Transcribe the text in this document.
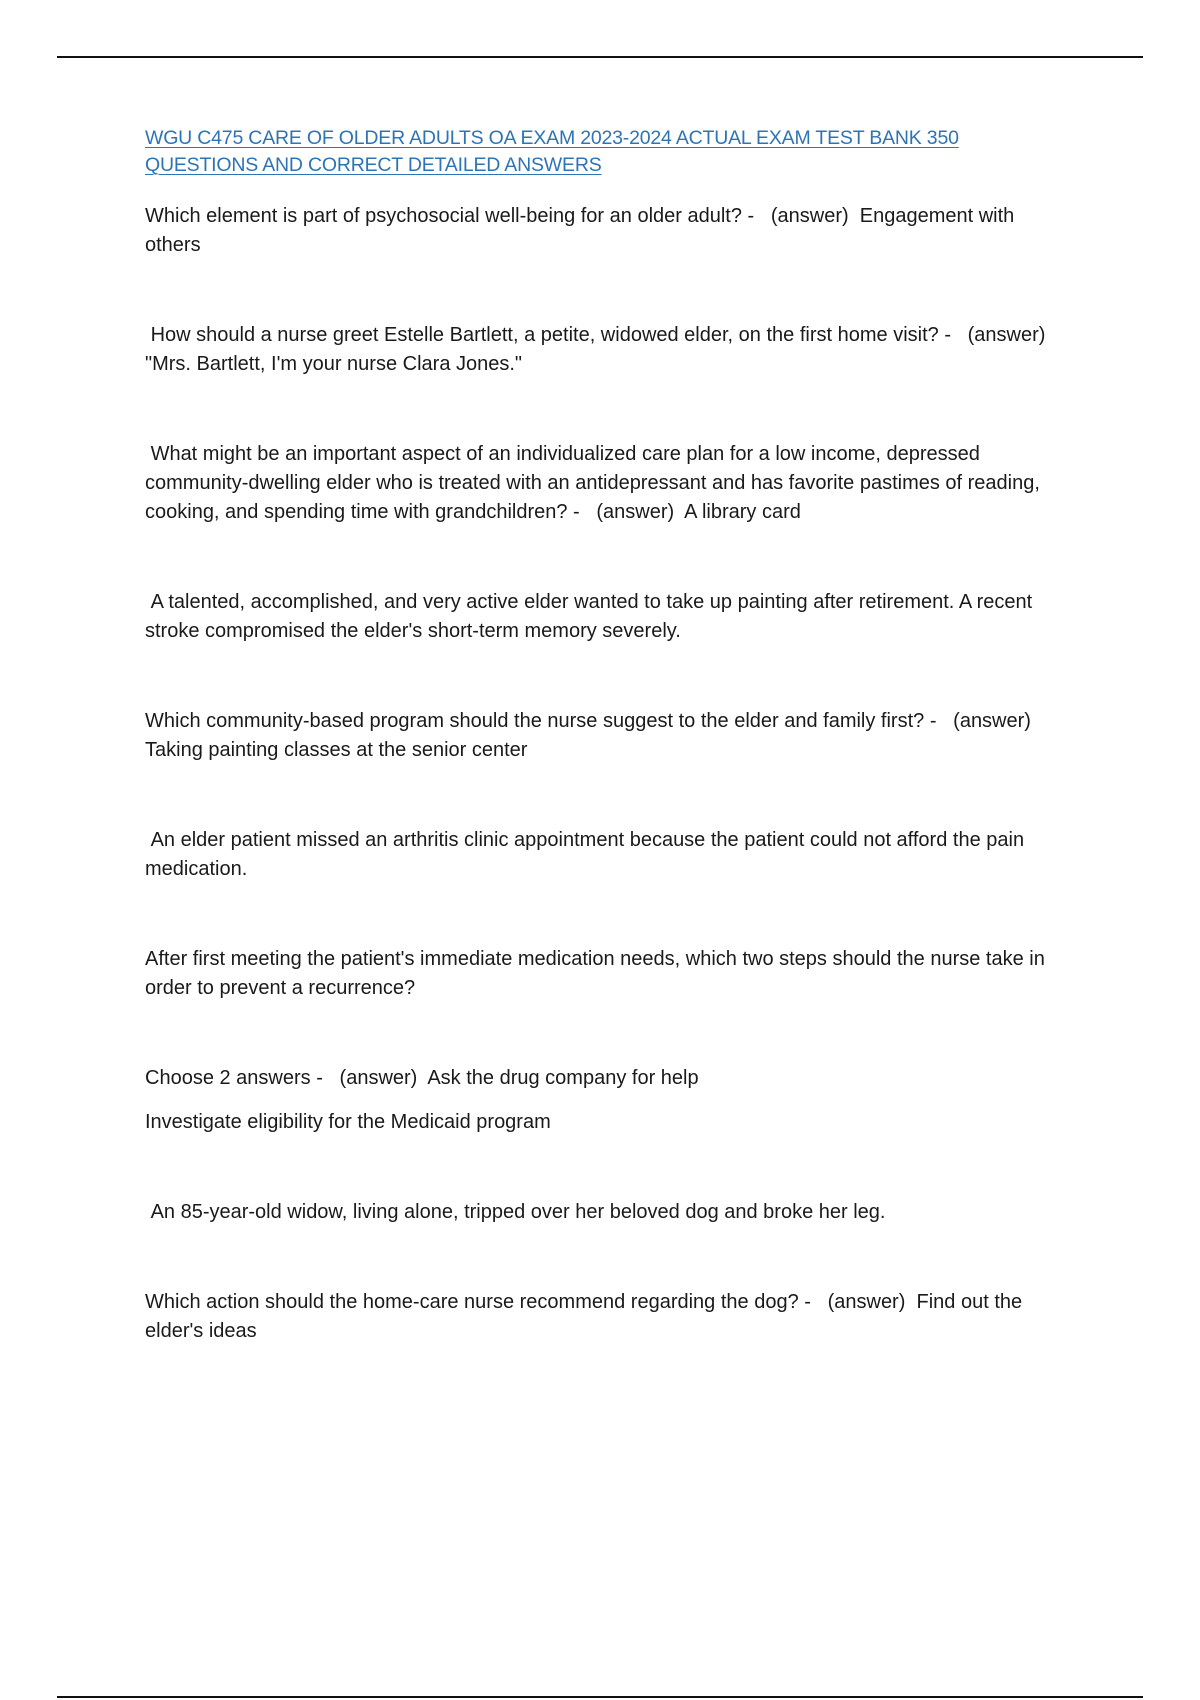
WGU C475 CARE OF OLDER ADULTS OA EXAM 2023-2024 ACTUAL EXAM TEST BANK 350 QUESTIONS AND CORRECT DETAILED ANSWERS

Which element is part of psychosocial well-being for an older adult? -   (answer)  Engagement with others

How should a nurse greet Estelle Bartlett, a petite, widowed elder, on the first home visit? -   (answer)  "Mrs. Bartlett, I'm your nurse Clara Jones."

What might be an important aspect of an individualized care plan for a low income, depressed community-dwelling elder who is treated with an antidepressant and has favorite pastimes of reading, cooking, and spending time with grandchildren? -   (answer)  A library card

A talented, accomplished, and very active elder wanted to take up painting after retirement. A recent stroke compromised the elder's short-term memory severely.

Which community-based program should the nurse suggest to the elder and family first? -   (answer)  Taking painting classes at the senior center

An elder patient missed an arthritis clinic appointment because the patient could not afford the pain medication.

After first meeting the patient's immediate medication needs, which two steps should the nurse take in order to prevent a recurrence?

Choose 2 answers -   (answer)  Ask the drug company for help

Investigate eligibility for the Medicaid program

An 85-year-old widow, living alone, tripped over her beloved dog and broke her leg.

Which action should the home-care nurse recommend regarding the dog? -   (answer)  Find out the elder's ideas
